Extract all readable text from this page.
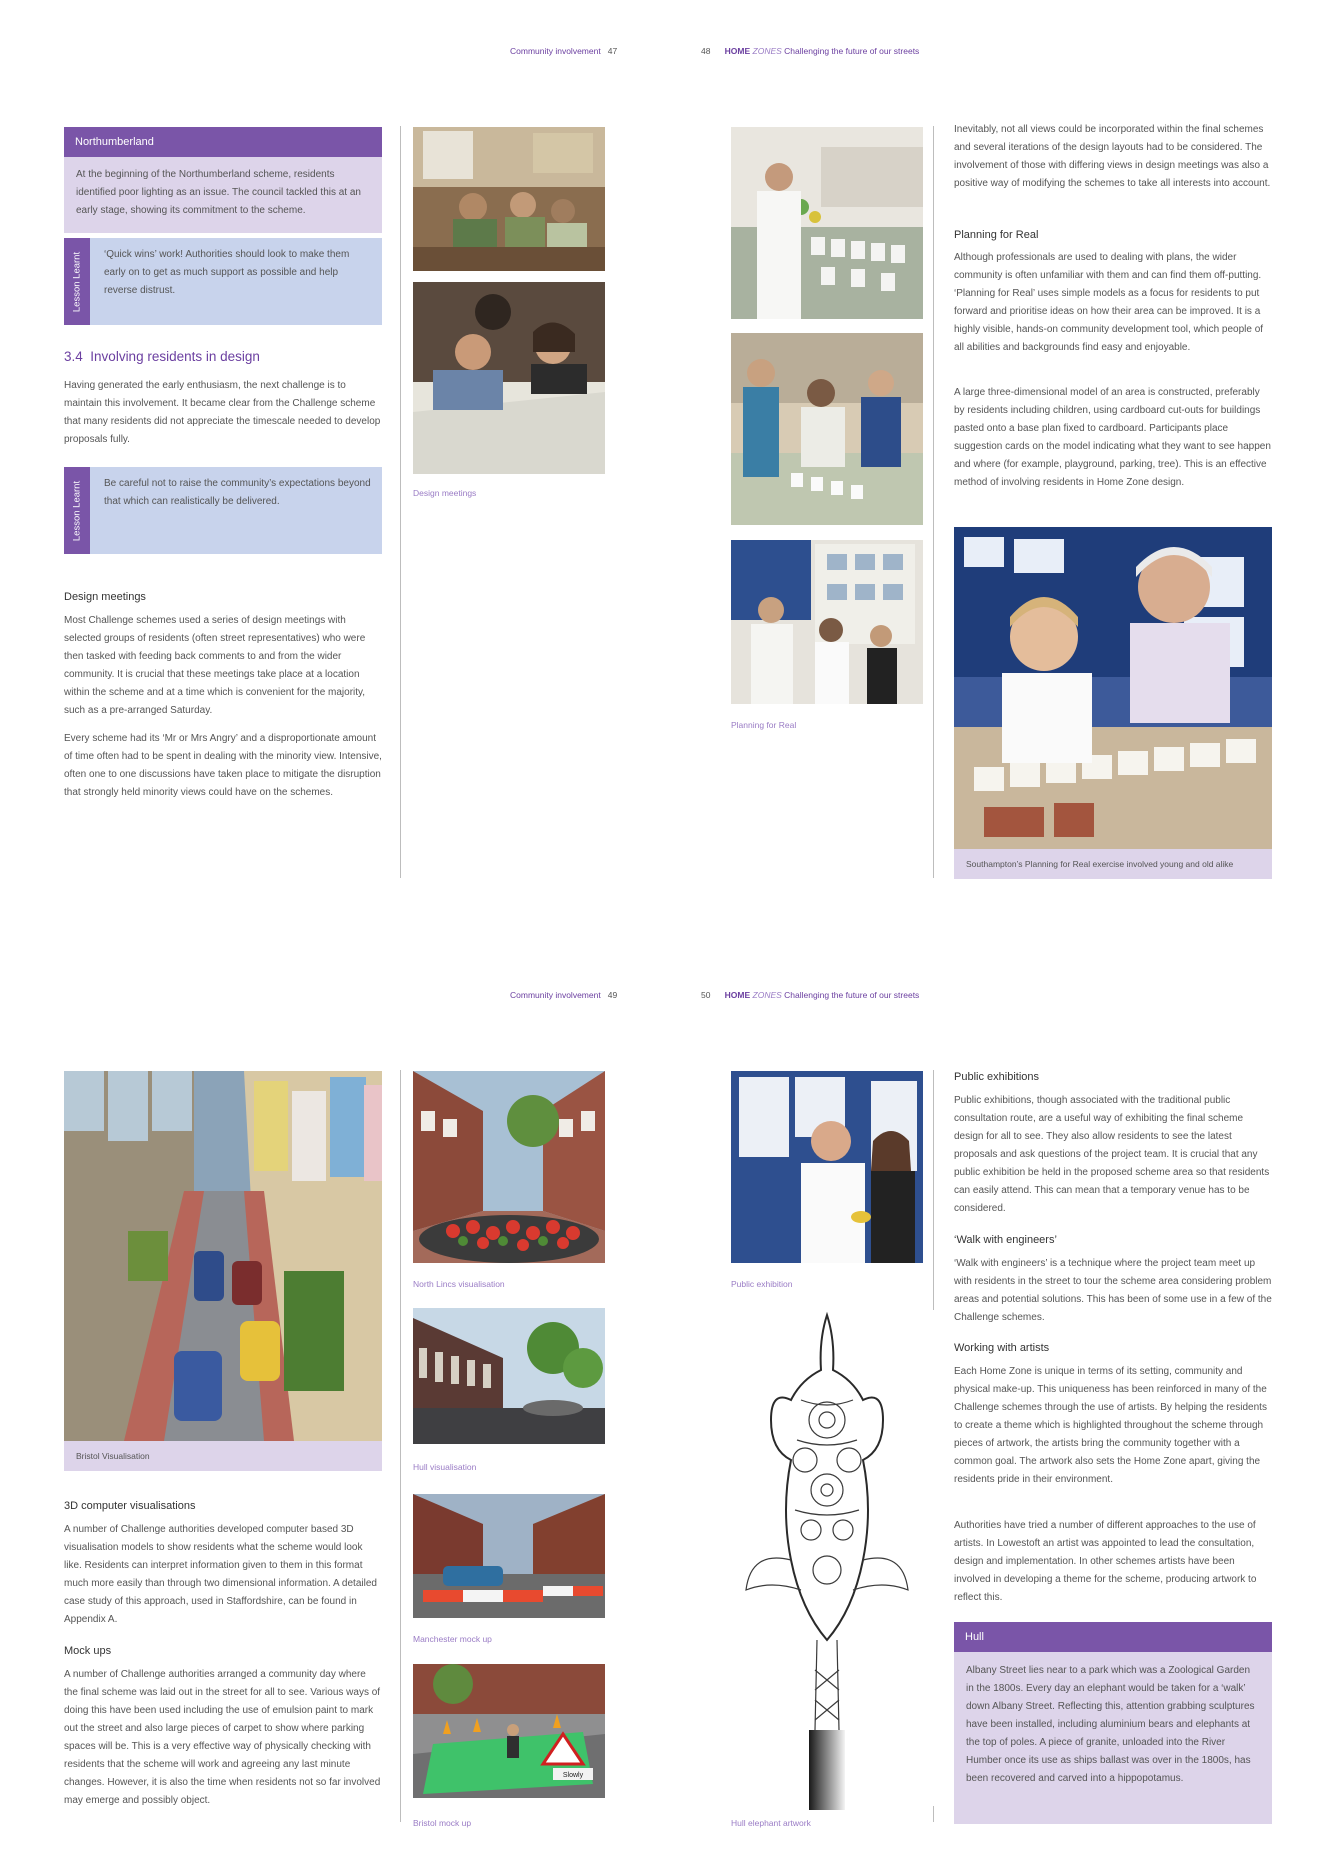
Community involvement 47	48 HOME ZONES Challenging the future of our streets
Northumberland

At the beginning of the Northumberland scheme, residents identified poor lighting as an issue. The council tackled this at an early stage, showing its commitment to the scheme.

Lesson Learnt ‘Quick wins’ work! Authorities should look to make them early on to get as much support as possible and help reverse distrust.

3.4 Involving residents in design

Having generated the early enthusiasm, the next challenge is to maintain this involvement. It became clear from the Challenge scheme that many residents did not appreciate the timescale needed to develop proposals fully.

Lesson Learnt Be careful not to raise the community’s expectations beyond that which can realistically be delivered.

Design meetings

Most Challenge schemes used a series of design meetings with selected groups of residents (often street representatives) who were then tasked with feeding back comments to and from the wider community. It is crucial that these meetings take place at a location within the scheme and at a time which is convenient for the majority, such as a pre-arranged Saturday.

Every scheme had its ‘Mr or Mrs Angry’ and a disproportionate amount of time often had to be spent in dealing with the minority view. Intensive, often one to one discussions have taken place to mitigate the disruption that strongly held minority views could have on the schemes.

Design meetings
Planning for Real

Inevitably, not all views could be incorporated within the final schemes and several iterations of the design layouts had to be considered. The involvement of those with differing views in design meetings was also a positive way of modifying the schemes to take all interests into account.

Planning for Real

Although professionals are used to dealing with plans, the wider community is often unfamiliar with them and can find them off-putting. ‘Planning for Real’ uses simple models as a focus for residents to put forward and prioritise ideas on how their area can be improved. It is a highly visible, hands-on community development tool, which people of all abilities and backgrounds find easy and enjoyable.

A large three-dimensional model of an area is constructed, preferably by residents including children, using cardboard cut-outs for buildings pasted onto a base plan fixed to cardboard. Participants place suggestion cards on the model indicating what they want to see happen and where (for example, playground, parking, tree). This is an effective method of involving residents in Home Zone design.

Southampton’s Planning for Real exercise involved young and old alike
Community involvement 49	50 HOME ZONES Challenging the future of our streets
Bristol Visualisation
3D computer visualisations

A number of Challenge authorities developed computer based 3D visualisation models to show residents what the scheme would look like. Residents can interpret information given to them in this format much more easily than through two dimensional information. A detailed case study of this approach, used in Staffordshire, can be found in Appendix A.

Mock ups

A number of Challenge authorities arranged a community day where the final scheme was laid out in the street for all to see. Various ways of doing this have been used including the use of emulsion paint to mark out the street and also large pieces of carpet to show where parking spaces will be. This is a very effective way of physically checking with residents that the scheme will work and agreeing any last minute changes. However, it is also the time when residents not so far involved may emerge and possibly object.

North Lincs visualisation
Hull visualisation
Manchester mock up
Slowly
Bristol mock up
Public exhibition
Hull elephant artwork
Public exhibitions

Public exhibitions, though associated with the traditional public consultation route, are a useful way of exhibiting the final scheme design for all to see. They also allow residents to see the latest proposals and ask questions of the project team. It is crucial that any public exhibition be held in the proposed scheme area so that residents can easily attend. This can mean that a temporary venue has to be considered.

‘Walk with engineers’

‘Walk with engineers’ is a technique where the project team meet up with residents in the street to tour the scheme area considering problem areas and potential solutions. This has been of some use in a few of the Challenge schemes.

Working with artists

Each Home Zone is unique in terms of its setting, community and physical make-up. This uniqueness has been reinforced in many of the Challenge schemes through the use of artists. By helping the residents to create a theme which is highlighted throughout the scheme through pieces of artwork, the artists bring the community together with a common goal. The artwork also sets the Home Zone apart, giving the residents pride in their environment.

Authorities have tried a number of different approaches to the use of artists. In Lowestoft an artist was appointed to lead the consultation, design and implementation. In other schemes artists have been involved in developing a theme for the scheme, producing artwork to reflect this.

Hull

Albany Street lies near to a park which was a Zoological Garden in the 1800s. Every day an elephant would be taken for a ‘walk’ down Albany Street. Reflecting this, attention grabbing sculptures have been installed, including aluminium bears and elephants at the top of poles. A piece of granite, unloaded into the River Humber once its use as ships ballast was over in the 1800s, has been recovered and carved into a hippopotamus.
